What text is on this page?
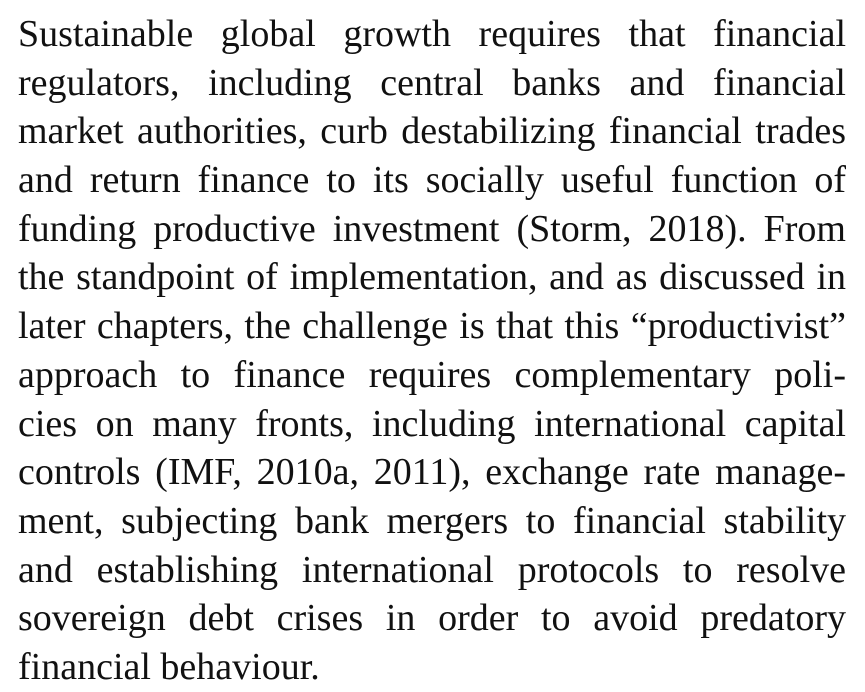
Sustainable global growth requires that financial
regulators, including central banks and financial
market authorities, curb destabilizing financial trades
and return finance to its socially useful function of
funding productive investment (Storm, 2018). From
the standpoint of implementation, and as discussed in
later chapters, the challenge is that this “productivist”
approach to finance requires complementary poli-
cies on many fronts, including international capital
controls (IMF, 2010a, 2011), exchange rate manage-
ment, subjecting bank mergers to financial stability
and establishing international protocols to resolve
sovereign debt crises in order to avoid predatory
financial behaviour.
